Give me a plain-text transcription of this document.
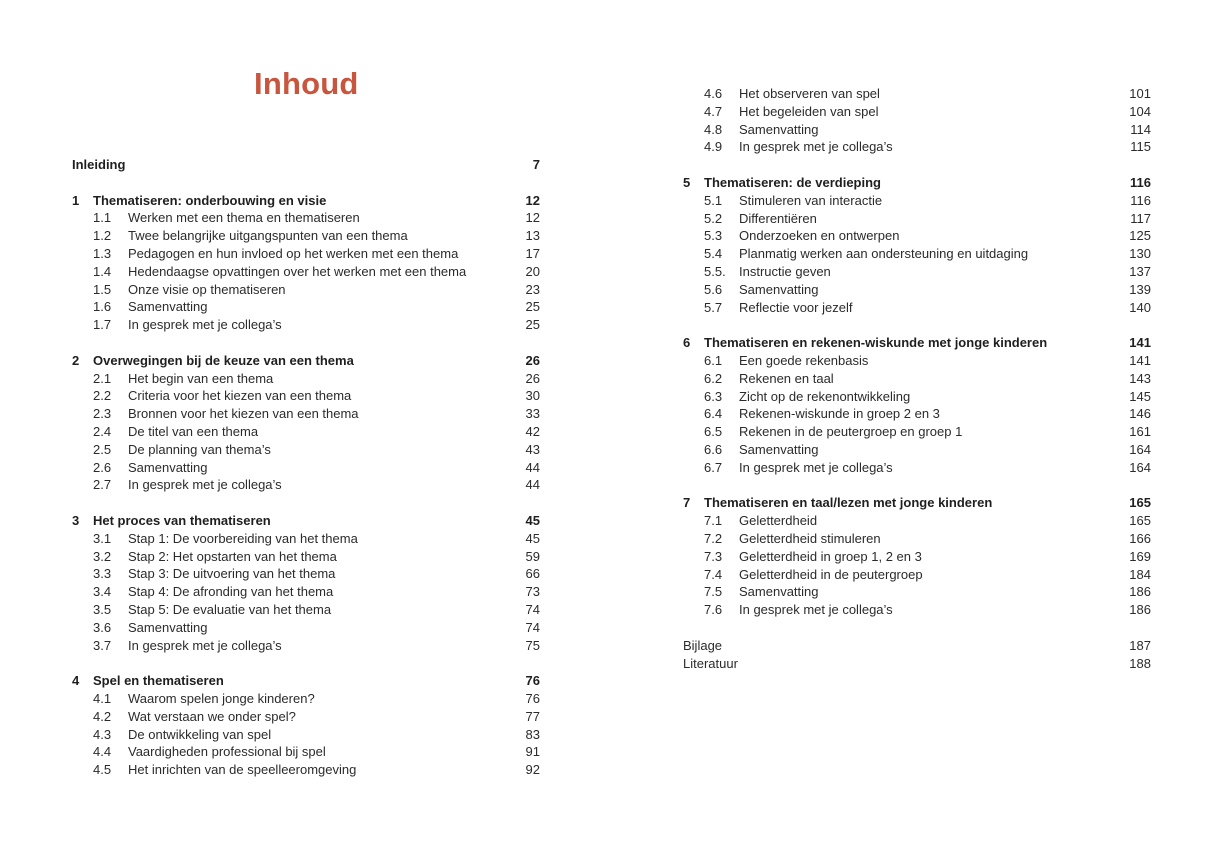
Inhoud
Inleiding	7
1 Thematiseren: onderbouwing en visie	12
1.1 Werken met een thema en thematiseren	12
1.2 Twee belangrijke uitgangspunten van een thema	13
1.3 Pedagogen en hun invloed op het werken met een thema	17
1.4 Hedendaagse opvattingen over het werken met een thema	20
1.5 Onze visie op thematiseren	23
1.6 Samenvatting	25
1.7 In gesprek met je collega’s	25
2 Overwegingen bij de keuze van een thema	26
2.1 Het begin van een thema	26
2.2 Criteria voor het kiezen van een thema	30
2.3 Bronnen voor het kiezen van een thema	33
2.4 De titel van een thema	42
2.5 De planning van thema’s	43
2.6 Samenvatting	44
2.7 In gesprek met je collega’s	44
3 Het proces van thematiseren	45
3.1 Stap 1: De voorbereiding van het thema	45
3.2 Stap 2: Het opstarten van het thema	59
3.3 Stap 3: De uitvoering van het thema	66
3.4 Stap 4: De afronding van het thema	73
3.5 Stap 5: De evaluatie van het thema	74
3.6 Samenvatting	74
3.7 In gesprek met je collega’s	75
4 Spel en thematiseren	76
4.1 Waarom spelen jonge kinderen?	76
4.2 Wat verstaan we onder spel?	77
4.3 De ontwikkeling van spel	83
4.4 Vaardigheden professional bij spel	91
4.5 Het inrichten van de speelleeromgeving	92
4.6 Het observeren van spel	101
4.7 Het begeleiden van spel	104
4.8 Samenvatting	114
4.9 In gesprek met je collega’s	115
5 Thematiseren: de verdieping	116
5.1 Stimuleren van interactie	116
5.2 Differentiëren	117
5.3 Onderzoeken en ontwerpen	125
5.4 Planmatig werken aan ondersteuning en uitdaging	130
5.5. Instructie geven	137
5.6 Samenvatting	139
5.7 Reflectie voor jezelf	140
6 Thematiseren en rekenen-wiskunde met jonge kinderen	141
6.1 Een goede rekenbasis	141
6.2 Rekenen en taal	143
6.3 Zicht op de rekenontwikkeling	145
6.4 Rekenen-wiskunde in groep 2 en 3	146
6.5 Rekenen in de peutergroep en groep 1	161
6.6 Samenvatting	164
6.7 In gesprek met je collega’s	164
7 Thematiseren en taal/lezen met jonge kinderen	165
7.1 Geletterdheid	165
7.2 Geletterdheid stimuleren	166
7.3 Geletterdheid in groep 1, 2 en 3	169
7.4 Geletterdheid in de peutergroep	184
7.5 Samenvatting	186
7.6 In gesprek met je collega’s	186
Bijlage	187
Literatuur	188
